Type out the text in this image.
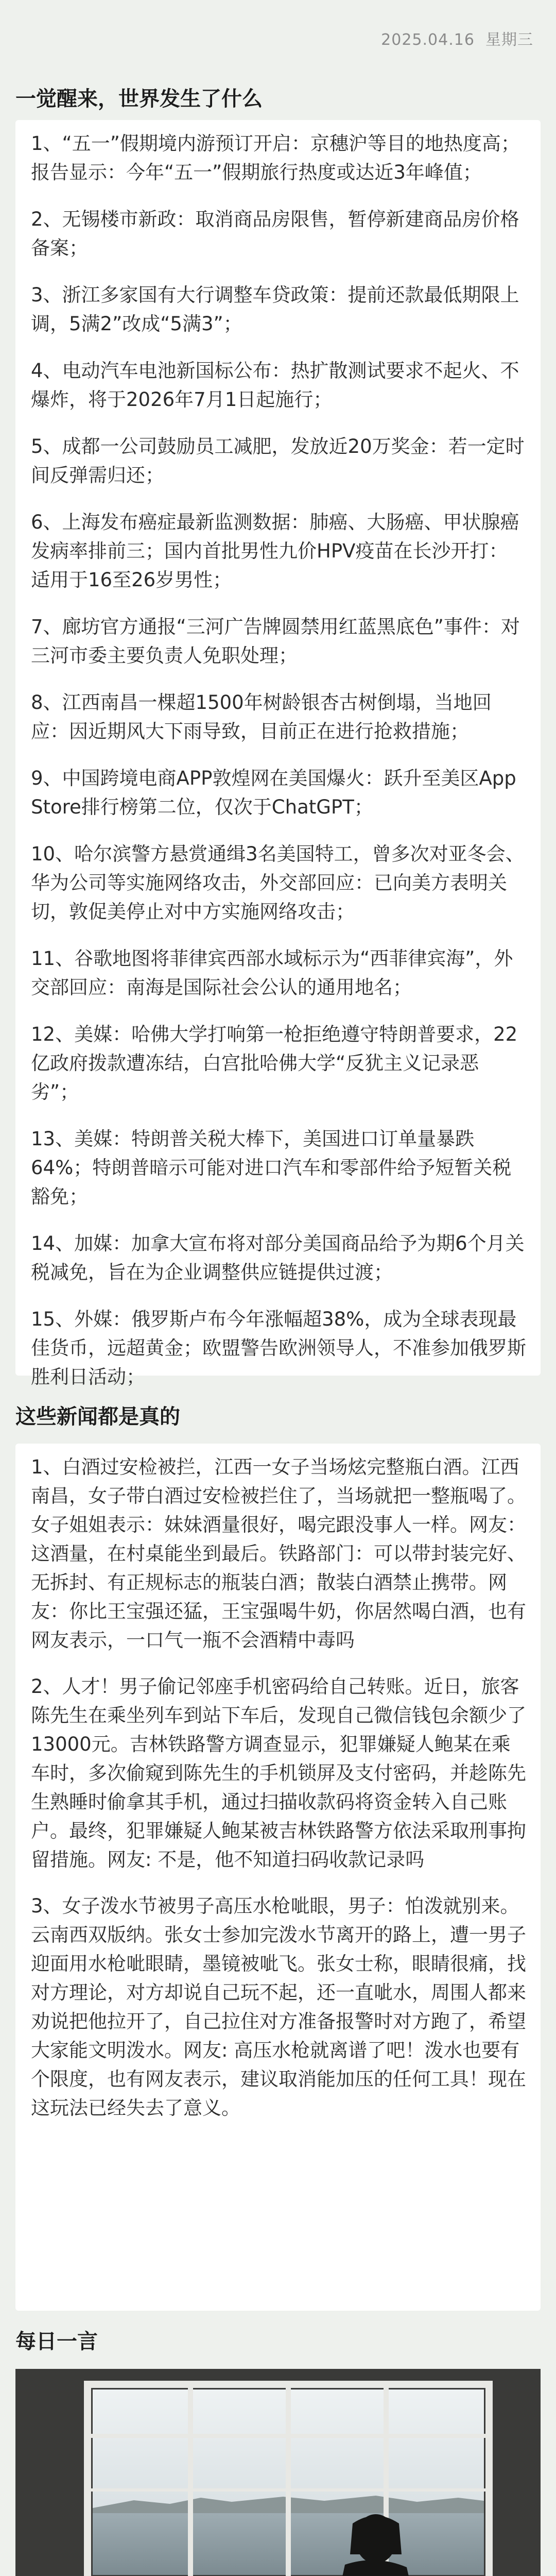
2025.04.16 星期三
一觉醒来，世界发生了什么

1、“五一”假期境内游预订开启：京穗沪等目的地热度高；报告显示：今年“五一”假期旅行热度或达近3年峰值；

2、无锡楼市新政：取消商品房限售，暂停新建商品房价格备案；

3、浙江多家国有大行调整车贷政策：提前还款最低期限上调，5满2”改成“5满3”；

4、电动汽车电池新国标公布：热扩散测试要求不起火、不爆炸，将于2026年7月1日起施行；

5、成都一公司鼓励员工减肥，发放近20万奖金：若一定时间反弹需归还；

6、上海发布癌症最新监测数据：肺癌、大肠癌、甲状腺癌发病率排前三；国内首批男性九价HPV疫苗在长沙开打：适用于16至26岁男性；

7、廊坊官方通报“三河广告牌圆禁用红蓝黑底色”事件：对三河市委主要负责人免职处理；

8、江西南昌一棵超1500年树龄银杏古树倒塌，当地回应：因近期风大下雨导致，目前正在进行抢救措施；

9、中国跨境电商APP敦煌网在美国爆火：跃升至美区App Store排行榜第二位，仅次于ChatGPT；

10、哈尔滨警方悬赏通缉3名美国特工，曾多次对亚冬会、华为公司等实施网络攻击，外交部回应：已向美方表明关切，敦促美停止对中方实施网络攻击；

11、谷歌地图将菲律宾西部水域标示为“西菲律宾海”，外交部回应：南海是国际社会公认的通用地名；

12、美媒：哈佛大学打响第一枪拒绝遵守特朗普要求，22亿政府拨款遭冻结，白宫批哈佛大学“反犹主义记录恶劣”；

13、美媒：特朗普关税大棒下，美国进口订单量暴跌64%；特朗普暗示可能对进口汽车和零部件给予短暂关税豁免；

14、加媒：加拿大宣布将对部分美国商品给予为期6个月关税减免，旨在为企业调整供应链提供过渡；

15、外媒：俄罗斯卢布今年涨幅超38%，成为全球表现最佳货币，远超黄金；欧盟警告欧洲领导人，不准参加俄罗斯胜利日活动；

这些新闻都是真的

1、白酒过安检被拦，江西一女子当场炫完整瓶白酒。江西南昌，女子带白酒过安检被拦住了，当场就把一整瓶喝了。女子姐姐表示：妹妹酒量很好，喝完跟没事人一样。网友：这酒量，在村桌能坐到最后。铁路部门：可以带封装完好、无拆封、有正规标志的瓶装白酒；散装白酒禁止携带。网友：你比王宝强还猛，王宝强喝牛奶，你居然喝白酒，也有网友表示，一口气一瓶不会酒精中毒吗

2、人才！男子偷记邻座手机密码给自己转账。近日，旅客陈先生在乘坐列车到站下车后，发现自己微信钱包余额少了13000元。吉林铁路警方调查显示，犯罪嫌疑人鲍某在乘车时，多次偷窥到陈先生的手机锁屏及支付密码，并趁陈先生熟睡时偷拿其手机，通过扫描收款码将资金转入自己账户。最终，犯罪嫌疑人鲍某被吉林铁路警方依法采取刑事拘留措施。网友: 不是，他不知道扫码收款记录吗

3、女子泼水节被男子高压水枪呲眼，男子：怕泼就别来。云南西双版纳。张女士参加完泼水节离开的路上，遭一男子迎面用水枪呲眼睛，墨镜被呲飞。张女士称，眼睛很痛，找对方理论，对方却说自己玩不起，还一直呲水，周围人都来劝说把他拉开了，自己拉住对方准备报警时对方跑了，希望大家能文明泼水。网友: 高压水枪就离谱了吧！泼水也要有个限度，也有网友表示，建议取消能加压的任何工具！现在这玩法已经失去了意义。

每日一言
